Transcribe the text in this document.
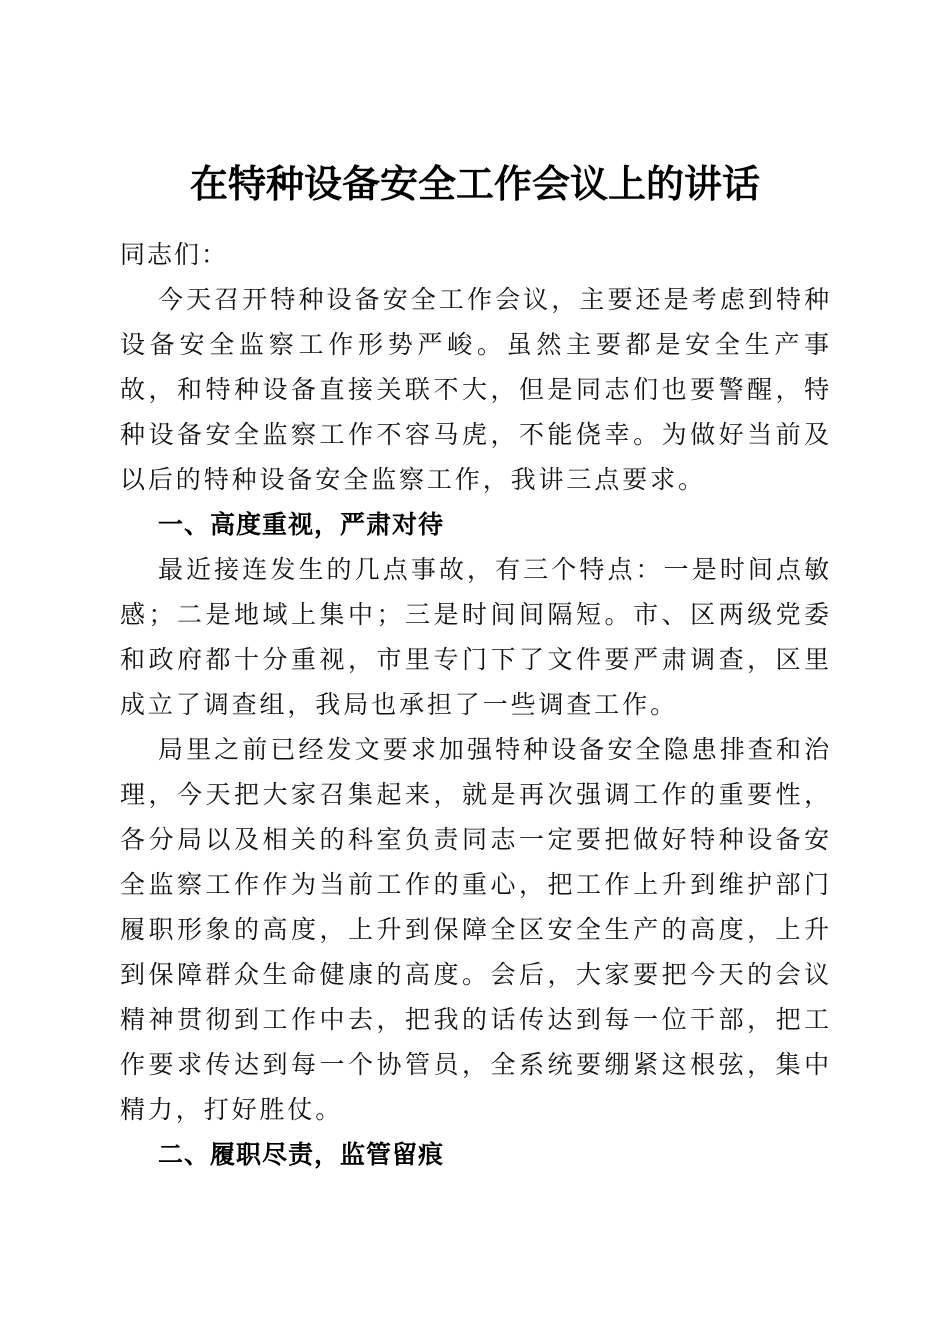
在特种设备安全工作会议上的讲话

同志们：

今天召开特种设备安全工作会议，主要还是考虑到特种设备安全监察工作形势严峻。虽然主要都是安全生产事故，和特种设备直接关联不大，但是同志们也要警醒，特种设备安全监察工作不容马虎，不能侥幸。为做好当前及以后的特种设备安全监察工作，我讲三点要求。

一、高度重视，严肃对待

最近接连发生的几点事故，有三个特点：一是时间点敏感；二是地域上集中；三是时间间隔短。市、区两级党委和政府都十分重视，市里专门下了文件要严肃调查，区里成立了调查组，我局也承担了一些调查工作。

局里之前已经发文要求加强特种设备安全隐患排查和治理，今天把大家召集起来，就是再次强调工作的重要性，各分局以及相关的科室负责同志一定要把做好特种设备安全监察工作作为当前工作的重心，把工作上升到维护部门履职形象的高度，上升到保障全区安全生产的高度，上升到保障群众生命健康的高度。会后，大家要把今天的会议精神贯彻到工作中去，把我的话传达到每一位干部，把工作要求传达到每一个协管员，全系统要绷紧这根弦，集中精力，打好胜仗。

二、履职尽责，监管留痕
